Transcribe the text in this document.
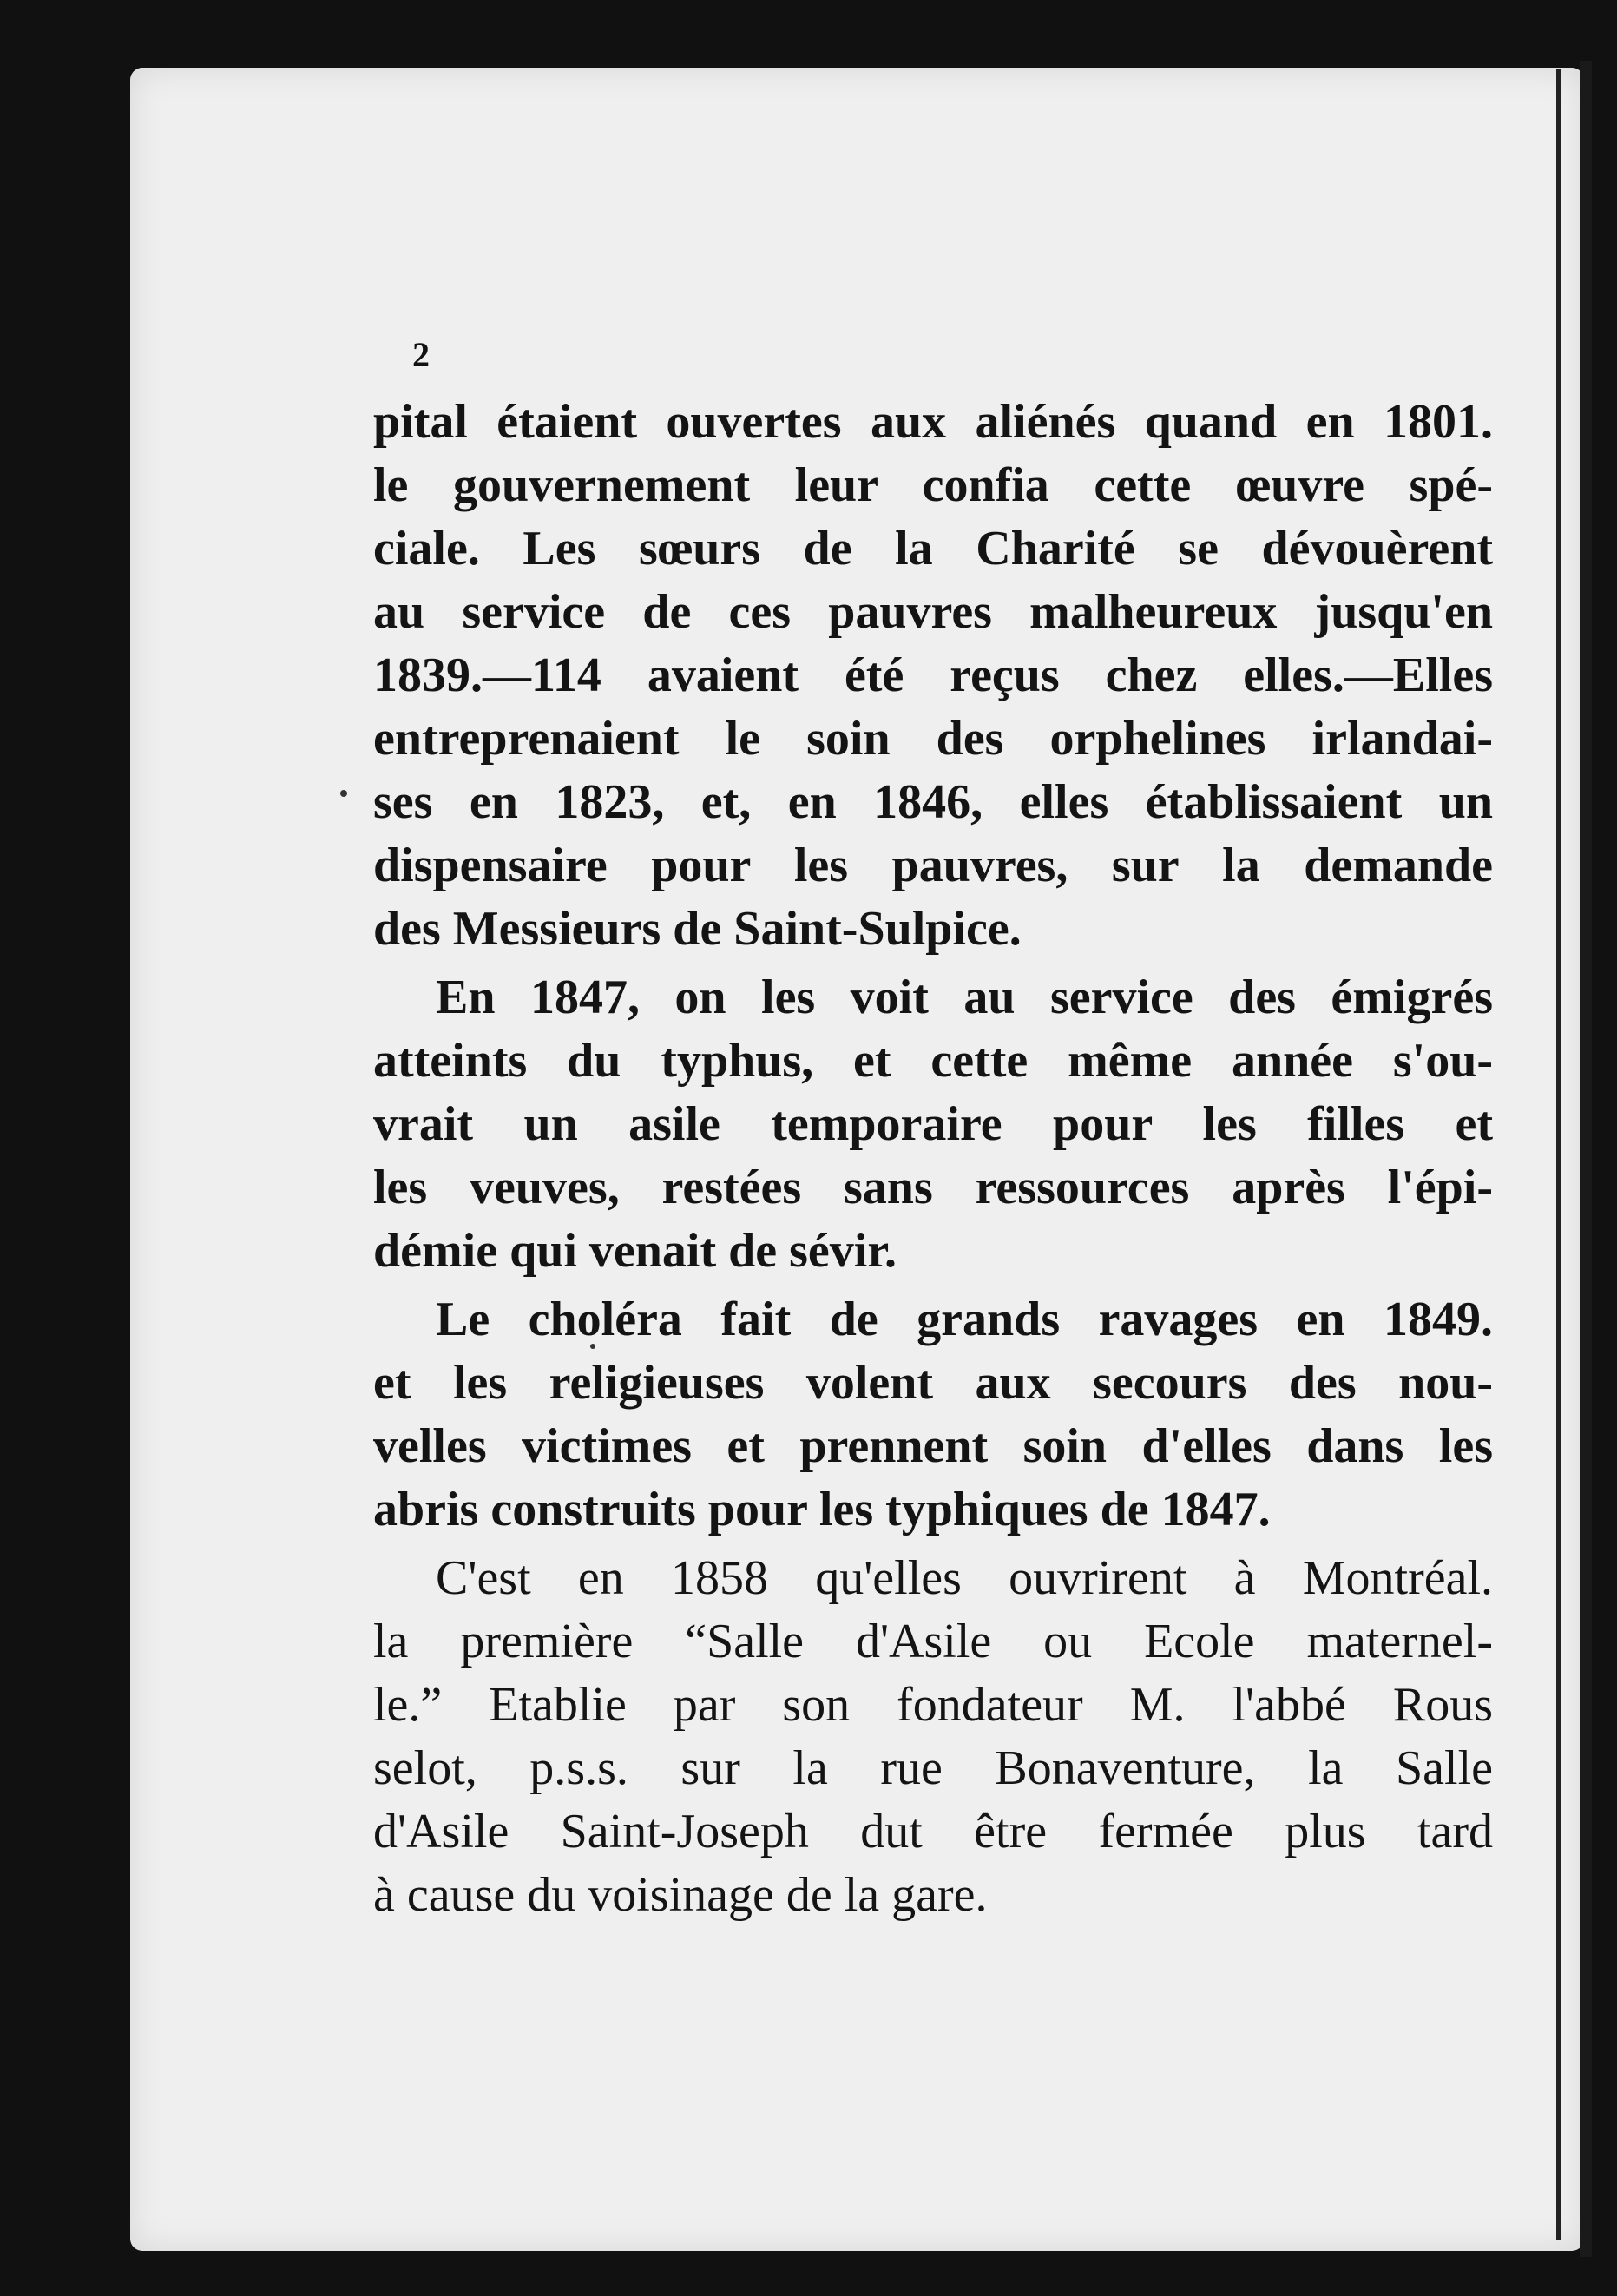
2

pital étaient ouvertes aux aliénés quand en 1801.
le gouvernement leur confia cette œuvre spé-
ciale. Les sœurs de la Charité se dévouèrent
au service de ces pauvres malheureux jusqu'en
1839.—114 avaient été reçus chez elles.—Elles
entreprenaient le soin des orphelines irlandai-
ses en 1823, et, en 1846, elles établissaient un
dispensaire pour les pauvres, sur la demande
des Messieurs de Saint-Sulpice.

En 1847, on les voit au service des émigrés
atteints du typhus, et cette même année s'ou-
vrait un asile temporaire pour les filles et
les veuves, restées sans ressources après l'épi-
démie qui venait de sévir.

Le choléra fait de grands ravages en 1849.
et les religieuses volent aux secours des nou-
velles victimes et prennent soin d'elles dans les
abris construits pour les typhiques de 1847.

C'est en 1858 qu'elles ouvrirent à Montréal.
la première “Salle d'Asile ou Ecole maternel-
le.” Etablie par son fondateur M. l'abbé Rous
selot, p.s.s. sur la rue Bonaventure, la Salle
d'Asile Saint-Joseph dut être fermée plus tard
à cause du voisinage de la gare.
